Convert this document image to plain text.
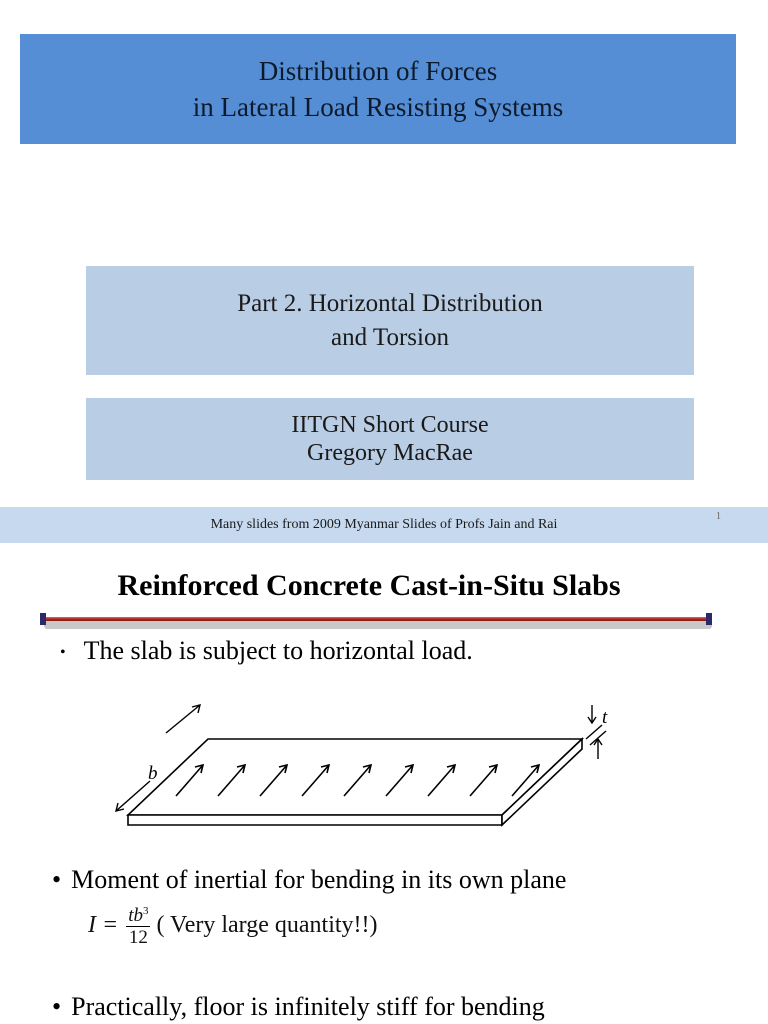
Distribution of Forces
in Lateral Load Resisting Systems
Part 2. Horizontal Distribution
and Torsion
IITGN Short Course
Gregory MacRae
Many slides from 2009 Myanmar Slides of Profs Jain and Rai
1
Reinforced Concrete Cast-in-Situ Slabs
• The slab is subject to horizontal load.
b
t
• Moment of inertial for bending in its own plane
$I = \frac{tb^3}{12}$ ( Very large quantity!!)
• Practically, floor is infinitely stiff for bending
